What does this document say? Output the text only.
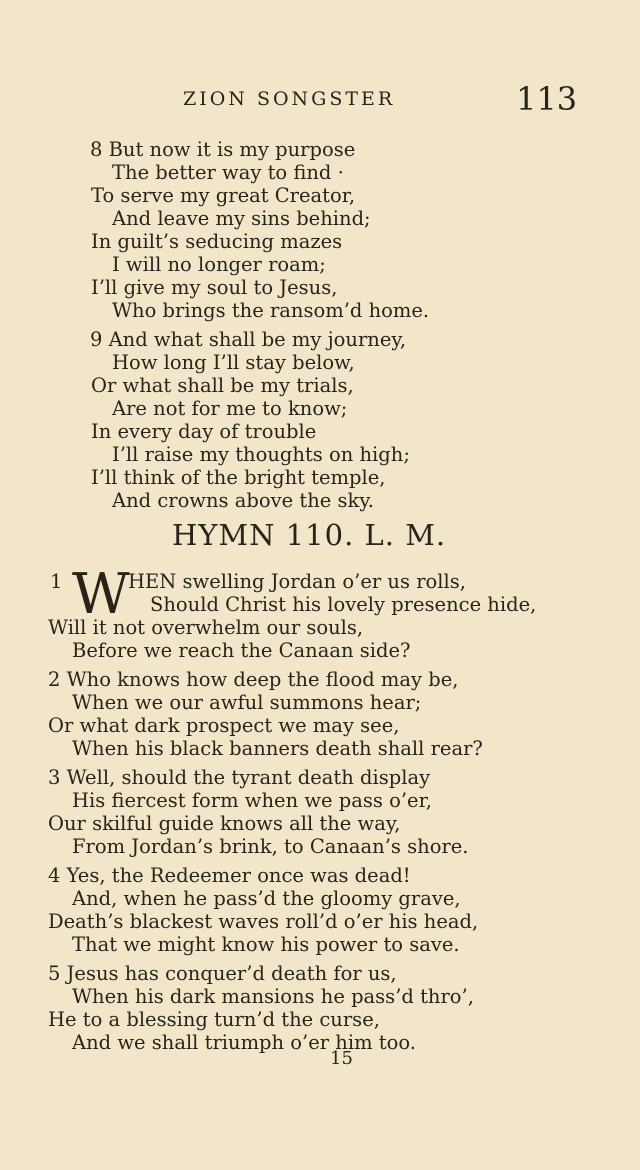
ZION SONGSTER	113
8 But now it is my purpose
The better way to find ·
To serve my great Creator,
And leave my sins behind;
In guilt’s seducing mazes
I will no longer roam;
I’ll give my soul to Jesus,
Who brings the ransom’d home.
9 And what shall be my journey,
How long I’ll stay below,
Or what shall be my trials,
Are not for me to know;
In every day of trouble
I’ll raise my thoughts on high;
I’ll think of the bright temple,
And crowns above the sky.
HYMN 110. L. M.
1 W
HEN swelling Jordan o’er us rolls,
Should Christ his lovely presence hide,
Will it not overwhelm our souls,
Before we reach the Canaan side?
2 Who knows how deep the flood may be,
When we our awful summons hear;
Or what dark prospect we may see,
When his black banners death shall rear?
3 Well, should the tyrant death display
His fiercest form when we pass o’er,
Our skilful guide knows all the way,
From Jordan’s brink, to Canaan’s shore.
4 Yes, the Redeemer once was dead!
And, when he pass’d the gloomy grave,
Death’s blackest waves roll’d o’er his head,
That we might know his power to save.
5 Jesus has conquer’d death for us,
When his dark mansions he pass’d thro’,
He to a blessing turn’d the curse,
And we shall triumph o’er him too.
15
